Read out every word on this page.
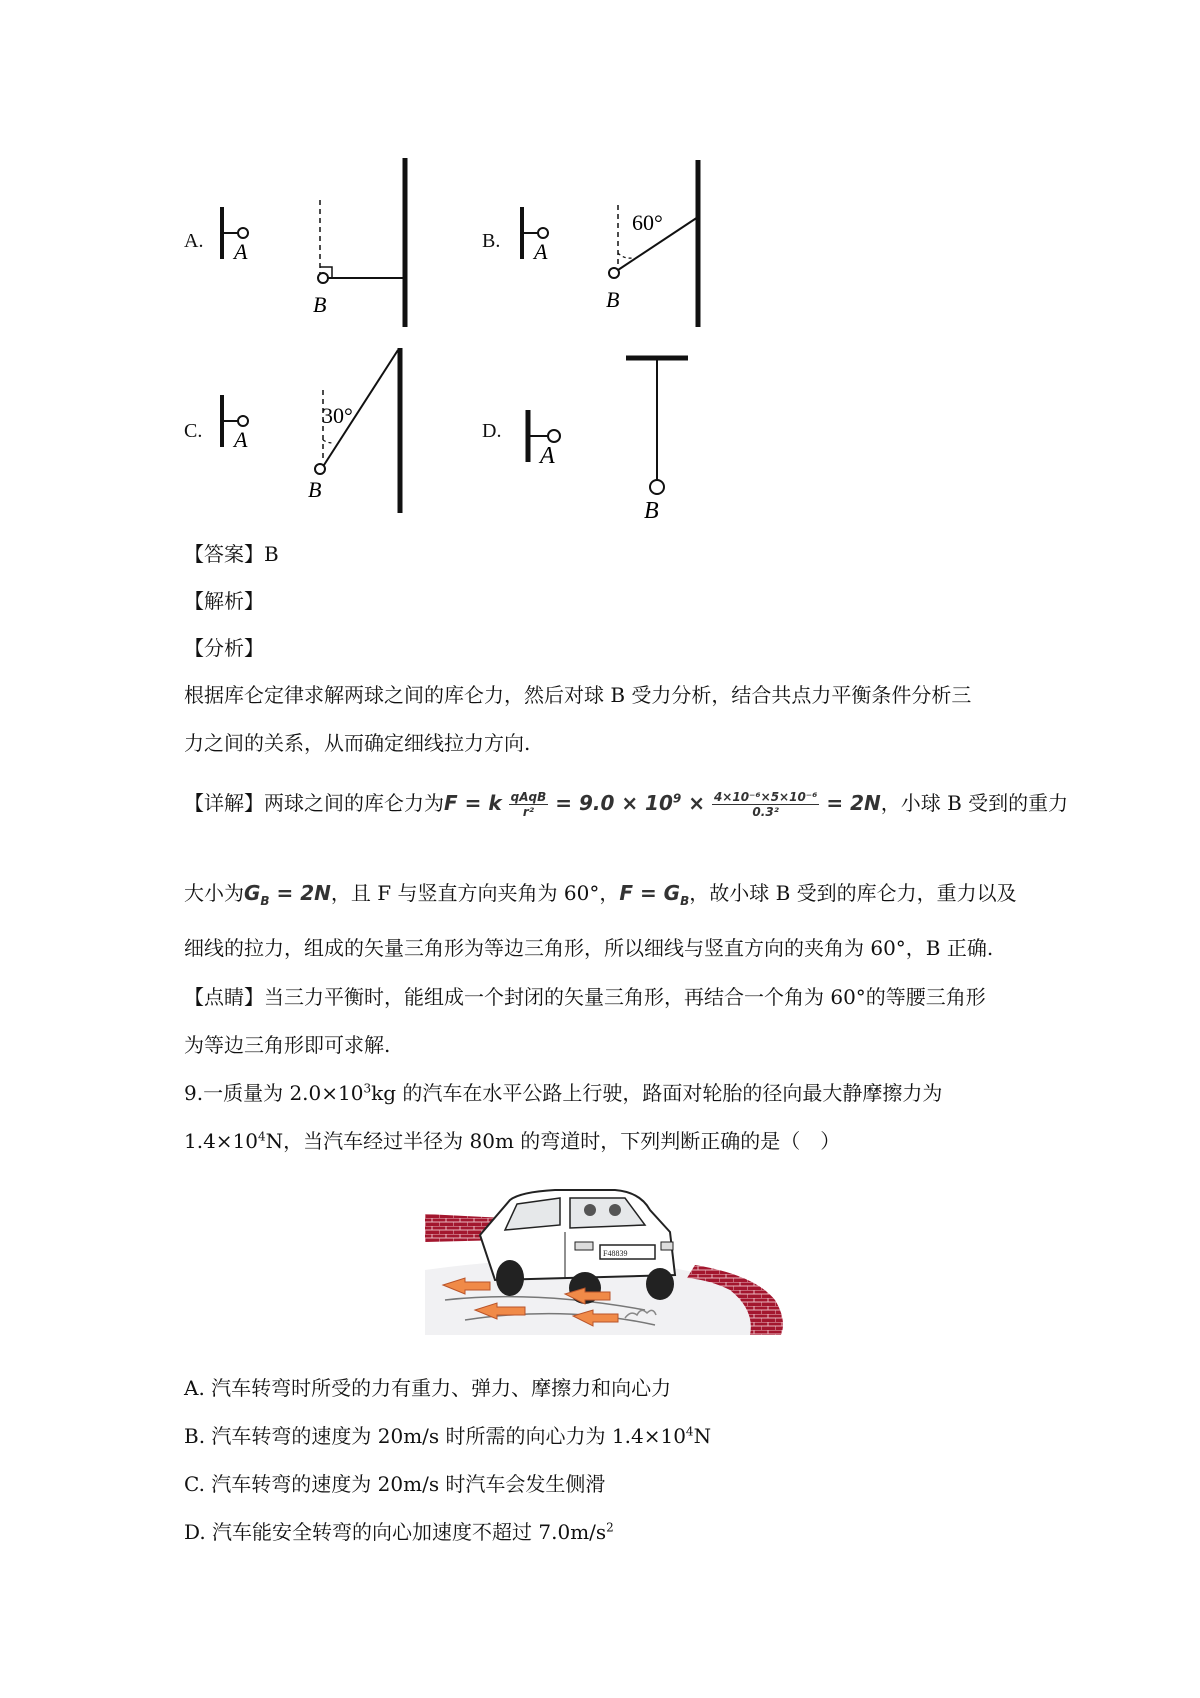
A. A
B
B. A
60°
B
C. A
30°
B
D.
A
B
【答案】B
【解析】
【分析】
根据库仑定律求解两球之间的库仑力，然后对球 B 受力分析，结合共点力平衡条件分析三
力之间的关系，从而确定细线拉力方向.
【详解】两球之间的库仑力为F = k $\frac{\text{qAqB}}{\text{r²}} = 9.0 \times 10^9 \times \frac{\text{4×10⁻⁶×5×10⁻⁶}}{\text{0.3²}} = 2N$，小球 B 受到的重力
大小为$G_B = 2N$，且 F 与竖直方向夹角为 60°，$F = G_B$，故小球 B 受到的库仑力，重力以及
细线的拉力，组成的矢量三角形为等边三角形，所以细线与竖直方向的夹角为 60°，B 正确.
【点睛】当三力平衡时，能组成一个封闭的矢量三角形，再结合一个角为 60°的等腰三角形
为等边三角形即可求解.
9.一质量为 $2.0\times 10^3kg$ 的汽车在水平公路上行驶，路面对轮胎的径向最大静摩擦力为
$1.4\times 10^4N$，当汽车经过半径为 80m 的弯道时，下列判断正确的是（　）
F48839
A. 汽车转弯时所受的力有重力、弹力、摩擦力和向心力
B. 汽车转弯的速度为 20m/s 时所需的向心力为 $1.4\times 10^4N$
C. 汽车转弯的速度为 20m/s 时汽车会发生侧滑
D. 汽车能安全转弯的向心加速度不超过 $7.0m/s^2$
